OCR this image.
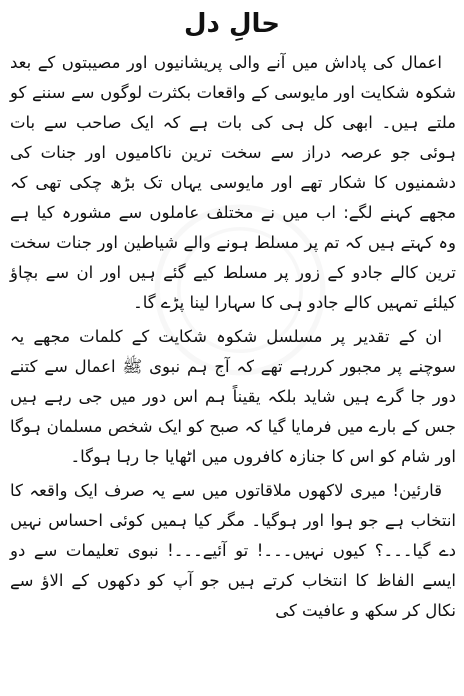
حالِ دل

اعمال کی پاداش میں آنے والی پریشانیوں اور مصیبتوں کے بعد شکوہ شکایت اور مایوسی کے واقعات بکثرت لوگوں سے سننے کو ملتے ہیں۔ ابھی کل ہی کی بات ہے کہ ایک صاحب سے بات ہوئی جو عرصہ دراز سے سخت ترین ناکامیوں اور جنات کی دشمنیوں کا شکار تھے اور مایوسی یہاں تک بڑھ چکی تھی کہ مجھے کہنے لگے: اب میں نے مختلف عاملوں سے مشورہ کیا ہے وہ کہتے ہیں کہ تم پر مسلط ہونے والے شیاطین اور جنات سخت ترین کالے جادو کے زور پر مسلط کیے گئے ہیں اور ان سے بچاؤ کیلئے تمہیں کالے جادو ہی کا سہارا لینا پڑے گا۔

ان کے تقدیر پر مسلسل شکوہ شکایت کے کلمات مجھے یہ سوچنے پر مجبور کررہے تھے کہ آج ہم نبوی ﷺ اعمال سے کتنے دور جا گرے ہیں شاید بلکہ یقیناً ہم اس دور میں جی رہے ہیں جس کے بارے میں فرمایا گیا کہ صبح کو ایک شخص مسلمان ہوگا اور شام کو اس کا جنازہ کافروں میں اٹھایا جا رہا ہوگا۔

قارئین! میری لاکھوں ملاقاتوں میں سے یہ صرف ایک واقعہ کا انتخاب ہے جو ہوا اور ہوگیا۔ مگر کیا ہمیں کوئی احساس نہیں دے گیا۔۔۔؟ کیوں نہیں۔۔۔! تو آئیے۔۔۔! نبوی تعلیمات سے دو ایسے الفاظ کا انتخاب کرتے ہیں جو آپ کو دکھوں کے الاؤ سے نکال کر سکھ و عافیت کی
